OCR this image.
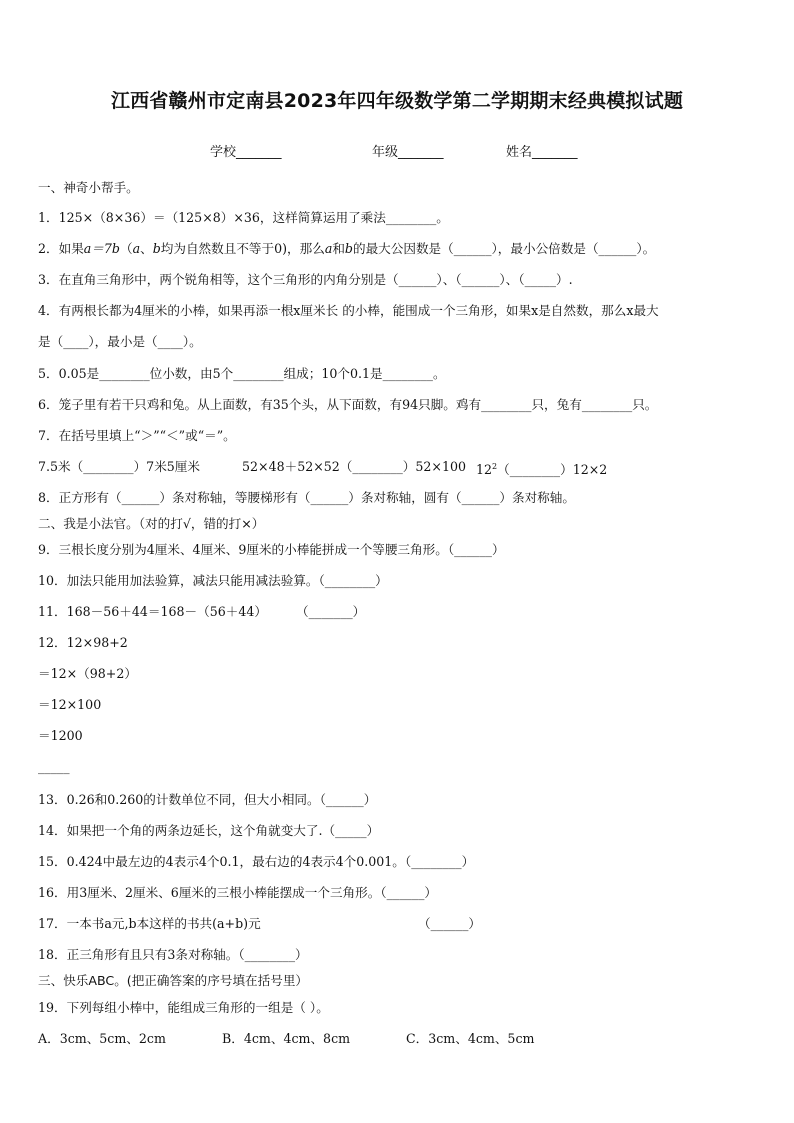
江西省赣州市定南县2023年四年级数学第二学期期末经典模拟试题
学校_______	年级_______	姓名_______
一、神奇小帮手。
1．125×（8×36）＝（125×8）×36，这样简算运用了乘法________。
2．如果a＝7b（a、b均为自然数且不等于0)，那么a和b的最大公因数是（______），最小公倍数是（______）。
3．在直角三角形中，两个锐角相等，这个三角形的内角分别是（______）、（______）、（_____）.
4．有两根长都为4厘米的小棒，如果再添一根x厘米长 的小棒，能围成一个三角形，如果x是自然数，那么x最大
是（____），最小是（____）。
5．0.05是________位小数，由5个________组成；10个0.1是________。
6．笼子里有若干只鸡和兔。从上面数，有35个头，从下面数，有94只脚。鸡有________只，兔有________只。
7．在括号里填上“＞”“＜”或“＝”。
7.5米（________）7米5厘米	52×48＋52×52（________）52×100 $12^2(\_\_\_\_\_\_\_\_)12\times 2$
8．正方形有（______）条对称轴，等腰梯形有（______）条对称轴，圆有（______）条对称轴。
二、我是小法官。（对的打√，错的打×）
9．三根长度分别为4厘米、4厘米、9厘米的小棒能拼成一个等腰三角形。（______）
10．加法只能用加法验算，减法只能用减法验算。（________）
11．168－56＋44＝168－（56＋44） （_______）
12．12×98+2
＝12×（98+2）
＝12×100
＝1200
_____
13．0.26和0.260的计数单位不同，但大小相同。（______）
14．如果把一个角的两条边延长，这个角就变大了.（_____）
15．0.424中最左边的4表示4个0.1，最右边的4表示4个0.001。（________）
16．用3厘米、2厘米、6厘米的三根小棒能摆成一个三角形。（______）
17．一本书a元,b本这样的书共(a+b)元	（______）
18．正三角形有且只有3条对称轴。（________）
三、快乐ABC。(把正确答案的序号填在括号里）
19．下列每组小棒中，能组成三角形的一组是（ ）。
A．3cm、5cm、2cm	B．4cm、4cm、8cm	C．3cm、4cm、5cm
